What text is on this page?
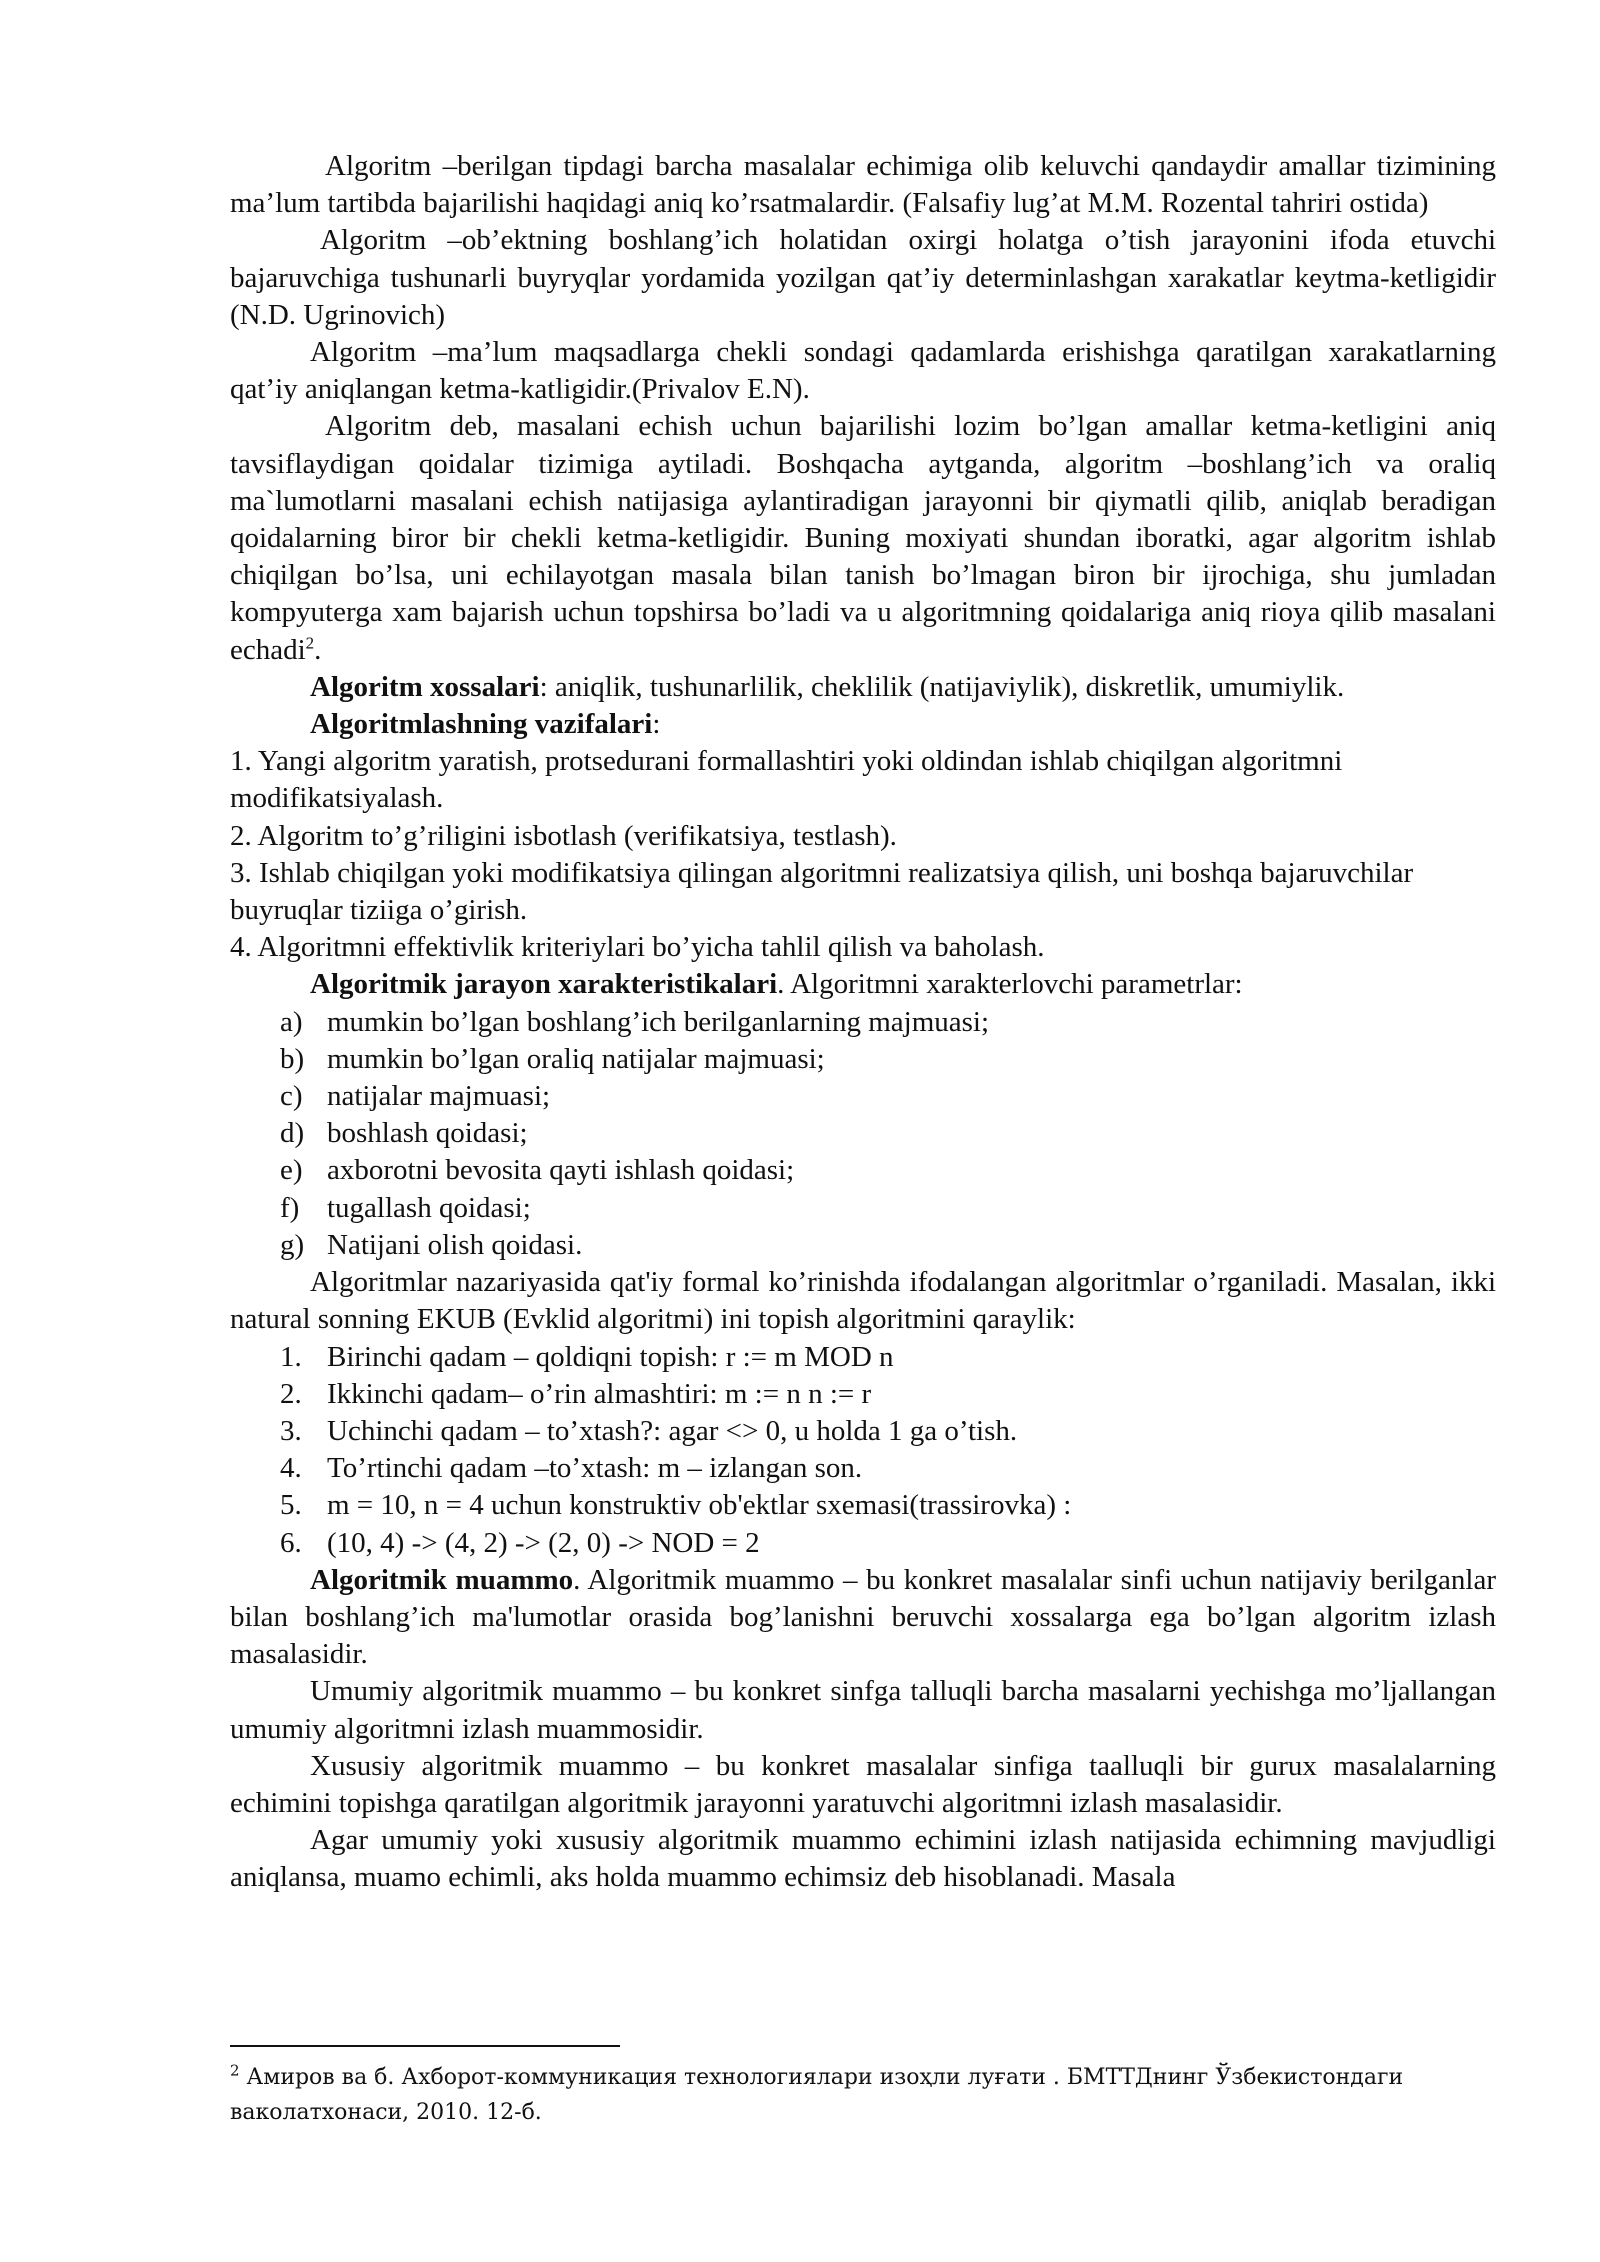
Algoritm –berilgan tipdagi barcha masalalar echimiga olib keluvchi qandaydir amallar tizimining ma’lum tartibda bajarilishi haqidagi aniq ko’rsatmalardir. (Falsafiy lug’at M.M. Rozental tahriri ostida)

Algoritm –ob’ektning boshlang’ich holatidan oxirgi holatga o’tish jarayonini ifoda etuvchi bajaruvchiga tushunarli buyryqlar yordamida yozilgan qat’iy determinlashgan xarakatlar keytma-ketligidir (N.D. Ugrinovich)

Algoritm –ma’lum maqsadlarga chekli sondagi qadamlarda erishishga qaratilgan xarakatlarning qat’iy aniqlangan ketma-katligidir.(Privalov E.N).

Algoritm deb, masalani echish uchun bajarilishi lozim bo’lgan amallar ketma-ketligini aniq tavsiflaydigan qoidalar tizimiga aytiladi. Boshqacha aytganda, algoritm –boshlang’ich va oraliq ma`lumotlarni masalani echish natijasiga aylantiradigan jarayonni bir qiymatli qilib, aniqlab beradigan qoidalarning biror bir chekli ketma-ketligidir. Buning moxiyati shundan iboratki, agar algoritm ishlab chiqilgan bo’lsa, uni echilayotgan masala bilan tanish bo’lmagan biron bir ijrochiga, shu jumladan kompyuterga xam bajarish uchun topshirsa bo’ladi va u algoritmning qoidalariga aniq rioya qilib masalani echadi$^2$.

Algoritm xossalari: aniqlik, tushunarlilik, cheklilik (natijaviylik), diskretlik, umumiylik.

Algoritmlashning vazifalari:

1. Yangi algoritm yaratish, protsedurani formallashtiri yoki oldindan ishlab chiqilgan algoritmni modifikatsiyalash.

2. Algoritm to’g’riligini isbotlash (verifikatsiya, testlash).

3. Ishlab chiqilgan yoki modifikatsiya qilingan algoritmni realizatsiya qilish, uni boshqa bajaruvchilar buyruqlar tiziiga o’girish.

4. Algoritmni effektivlik kriteriylari bo’yicha tahlil qilish va baholash.

Algoritmik jarayon xarakteristikalari. Algoritmni xarakterlovchi parametrlar:

a) mumkin bo’lgan boshlang’ich berilganlarning majmuasi;
b) mumkin bo’lgan oraliq natijalar majmuasi;
c) natijalar majmuasi;
d) boshlash qoidasi;
e) axborotni bevosita qayti ishlash qoidasi;
f) tugallash qoidasi;
g) Natijani olish qoidasi.

Algoritmlar nazariyasida qat'iy formal ko’rinishda ifodalangan algoritmlar o’rganiladi. Masalan, ikki natural sonning EKUB (Evklid algoritmi) ini topish algoritmini qaraylik:

1. Birinchi qadam – qoldiqni topish: r := m MOD n
2. Ikkinchi qadam– o’rin almashtiri: m := n n := r
3. Uchinchi qadam – to’xtash?: agar <> 0, u holda 1 ga o’tish.
4. To’rtinchi qadam –to’xtash: m – izlangan son.
5. m = 10, n = 4 uchun konstruktiv ob'ektlar sxemasi(trassirovka) :
6. (10, 4) -> (4, 2) -> (2, 0) -> NOD = 2

Algoritmik muammo. Algoritmik muammo – bu konkret masalalar sinfi uchun natijaviy berilganlar bilan boshlang’ich ma'lumotlar orasida bog’lanishni beruvchi xossalarga ega bo’lgan algoritm izlash masalasidir.

Umumiy algoritmik muammo – bu konkret sinfga talluqli barcha masalarni yechishga mo’ljallangan umumiy algoritmni izlash muammosidir.

Xususiy algoritmik muammo – bu konkret masalalar sinfiga taalluqli bir gurux masalalarning echimini topishga qaratilgan algoritmik jarayonni yaratuvchi algoritmni izlash masalasidir.

Agar umumiy yoki xususiy algoritmik muammo echimini izlash natijasida echimning mavjudligi aniqlansa, muamo echimli, aks holda muammo echimsiz deb hisoblanadi. Masala

$^2$ Амиров ва б. Ахборот-коммуникация технологиялари изоҳли луғати . БМТТДнинг Ўзбекистондаги ваколатхонаси, 2010. 12-б.
